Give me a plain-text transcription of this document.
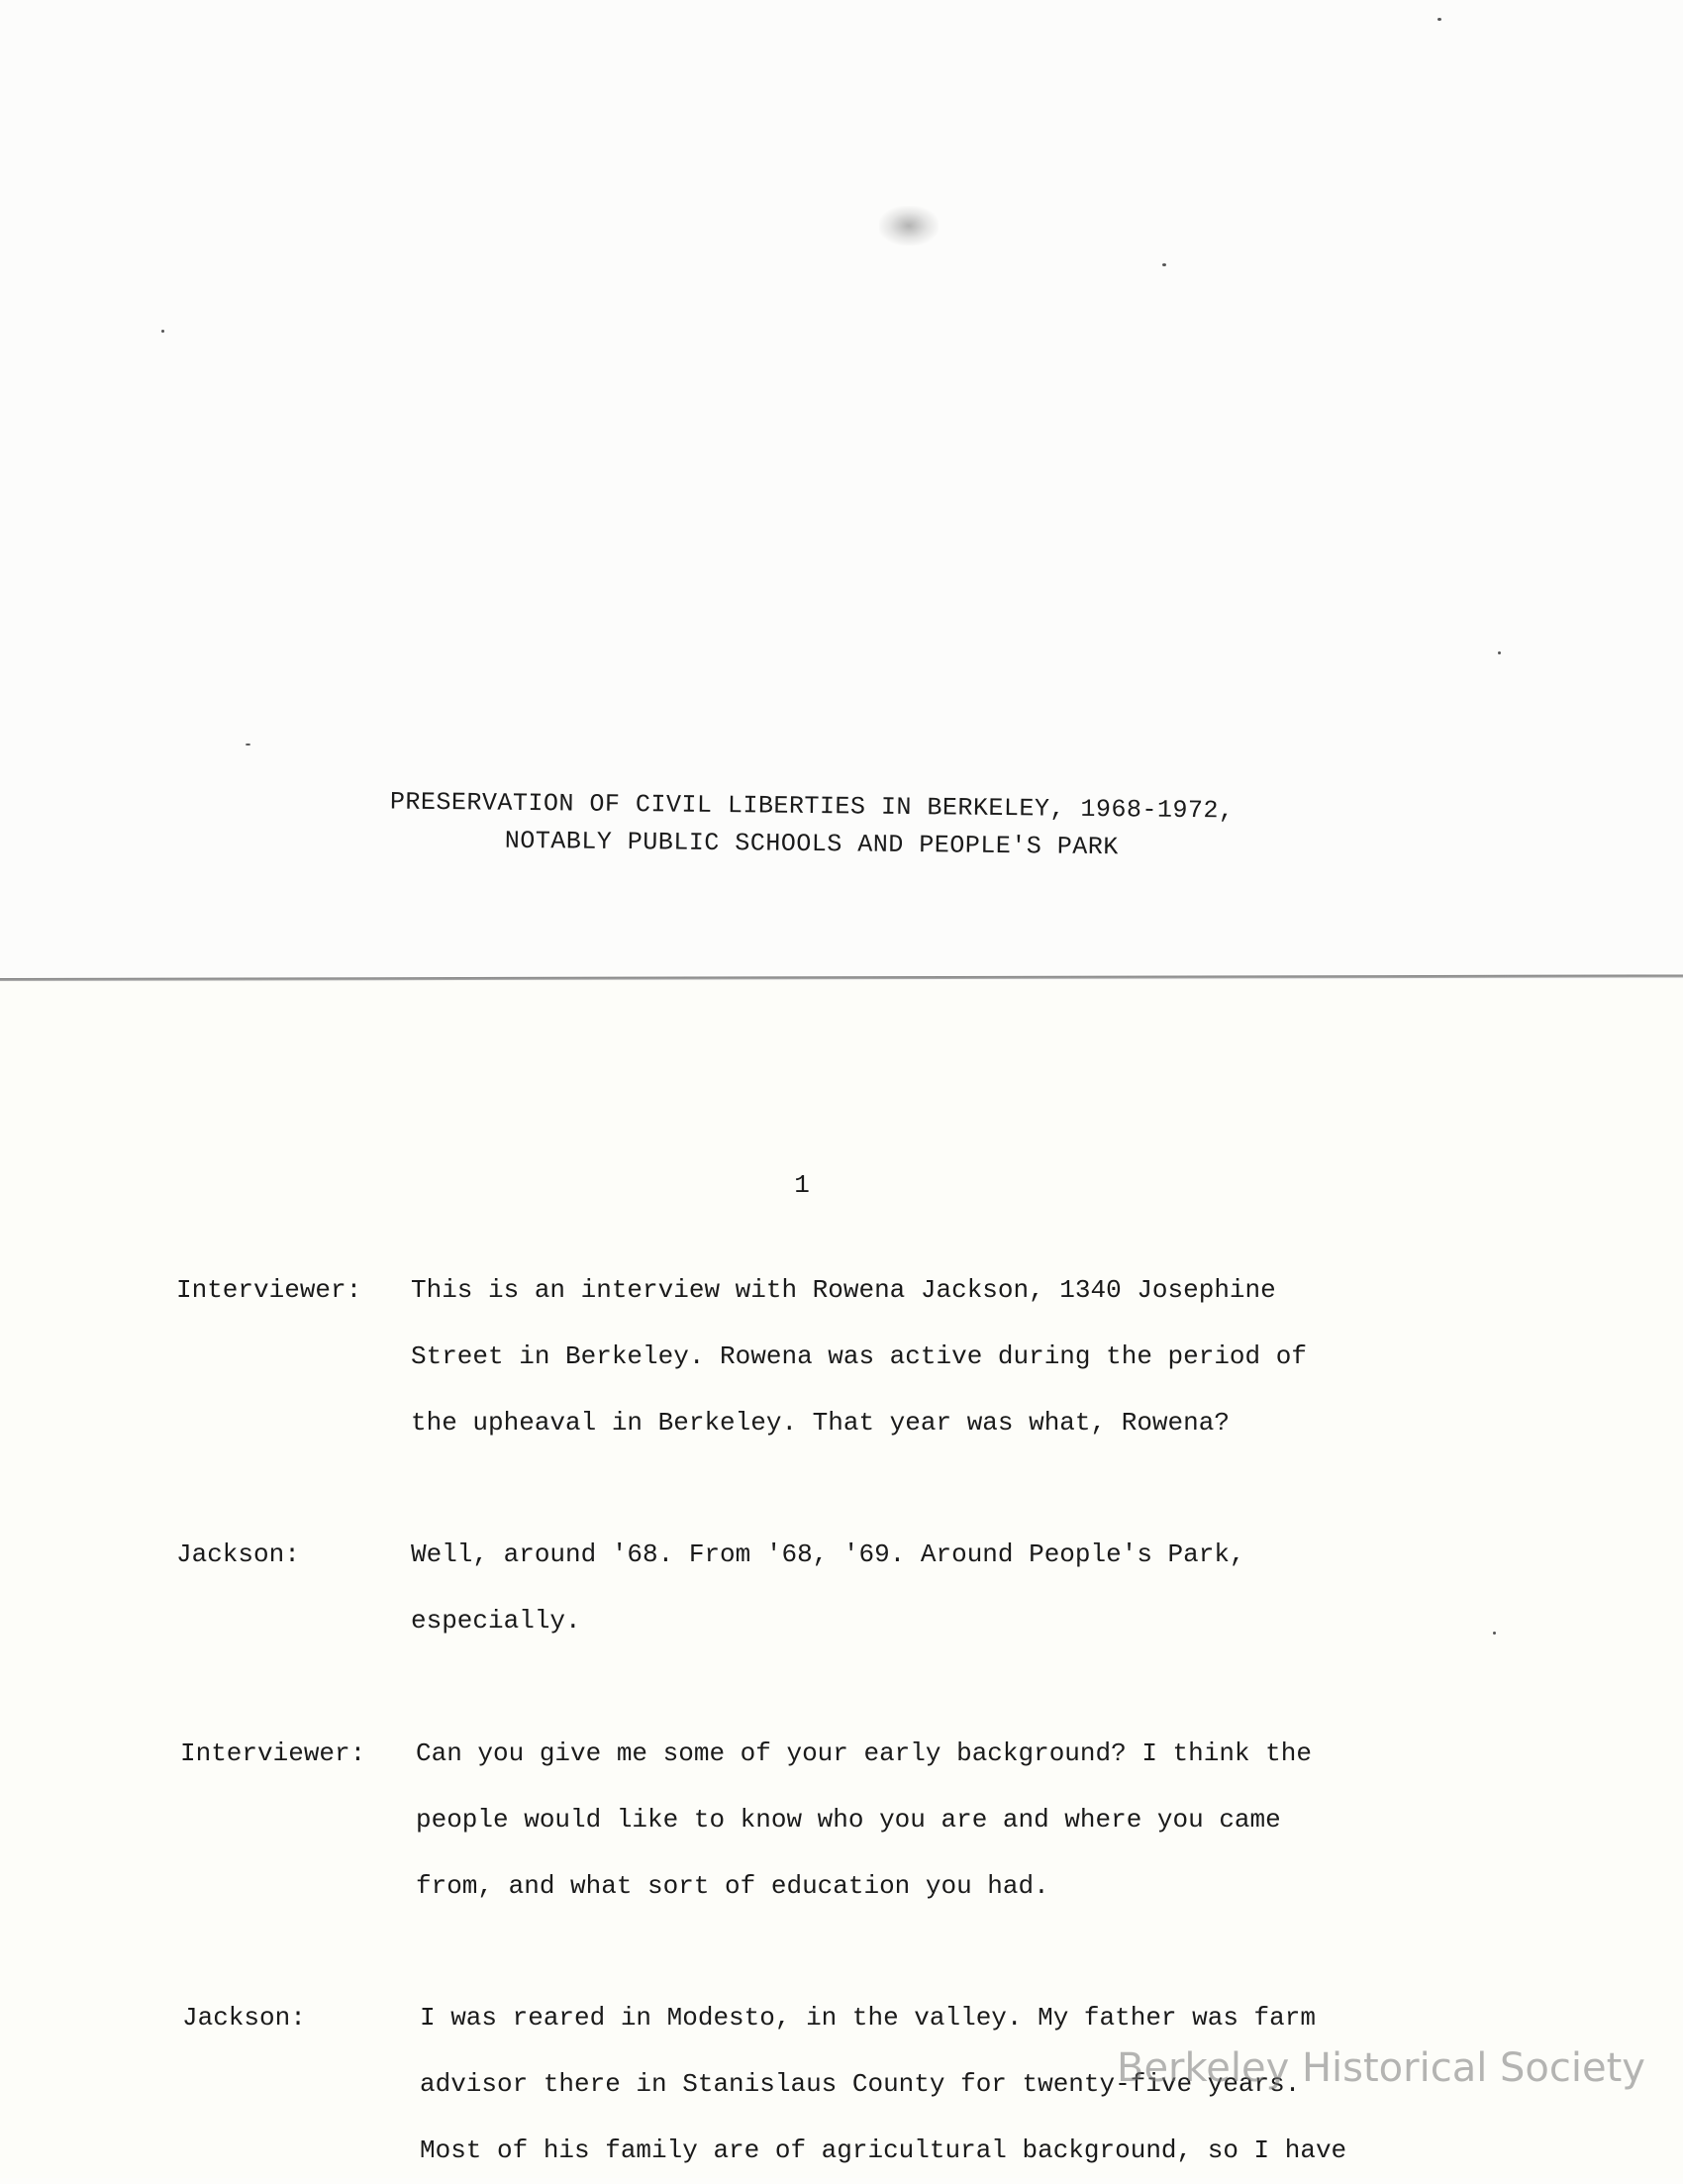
PRESERVATION OF CIVIL LIBERTIES IN BERKELEY, 1968-1972,
NOTABLY PUBLIC SCHOOLS AND PEOPLE'S PARK
1
Interviewer: This is an interview with Rowena Jackson, 1340 Josephine
Street in Berkeley. Rowena was active during the period of
the upheaval in Berkeley. That year was what, Rowena?
Jackson:	Well, around '68. From '68, '69. Around People's Park,
especially.
Interviewer: Can you give me some of your early background? I think the
people would like to know who you are and where you came
from, and what sort of education you had.
Jackson:	I was reared in Modesto, in the valley. My father was farm
advisor there in Stanislaus County for twenty-five years.
Most of his family are of agricultural background, so I have
Berkeley Historical Society
